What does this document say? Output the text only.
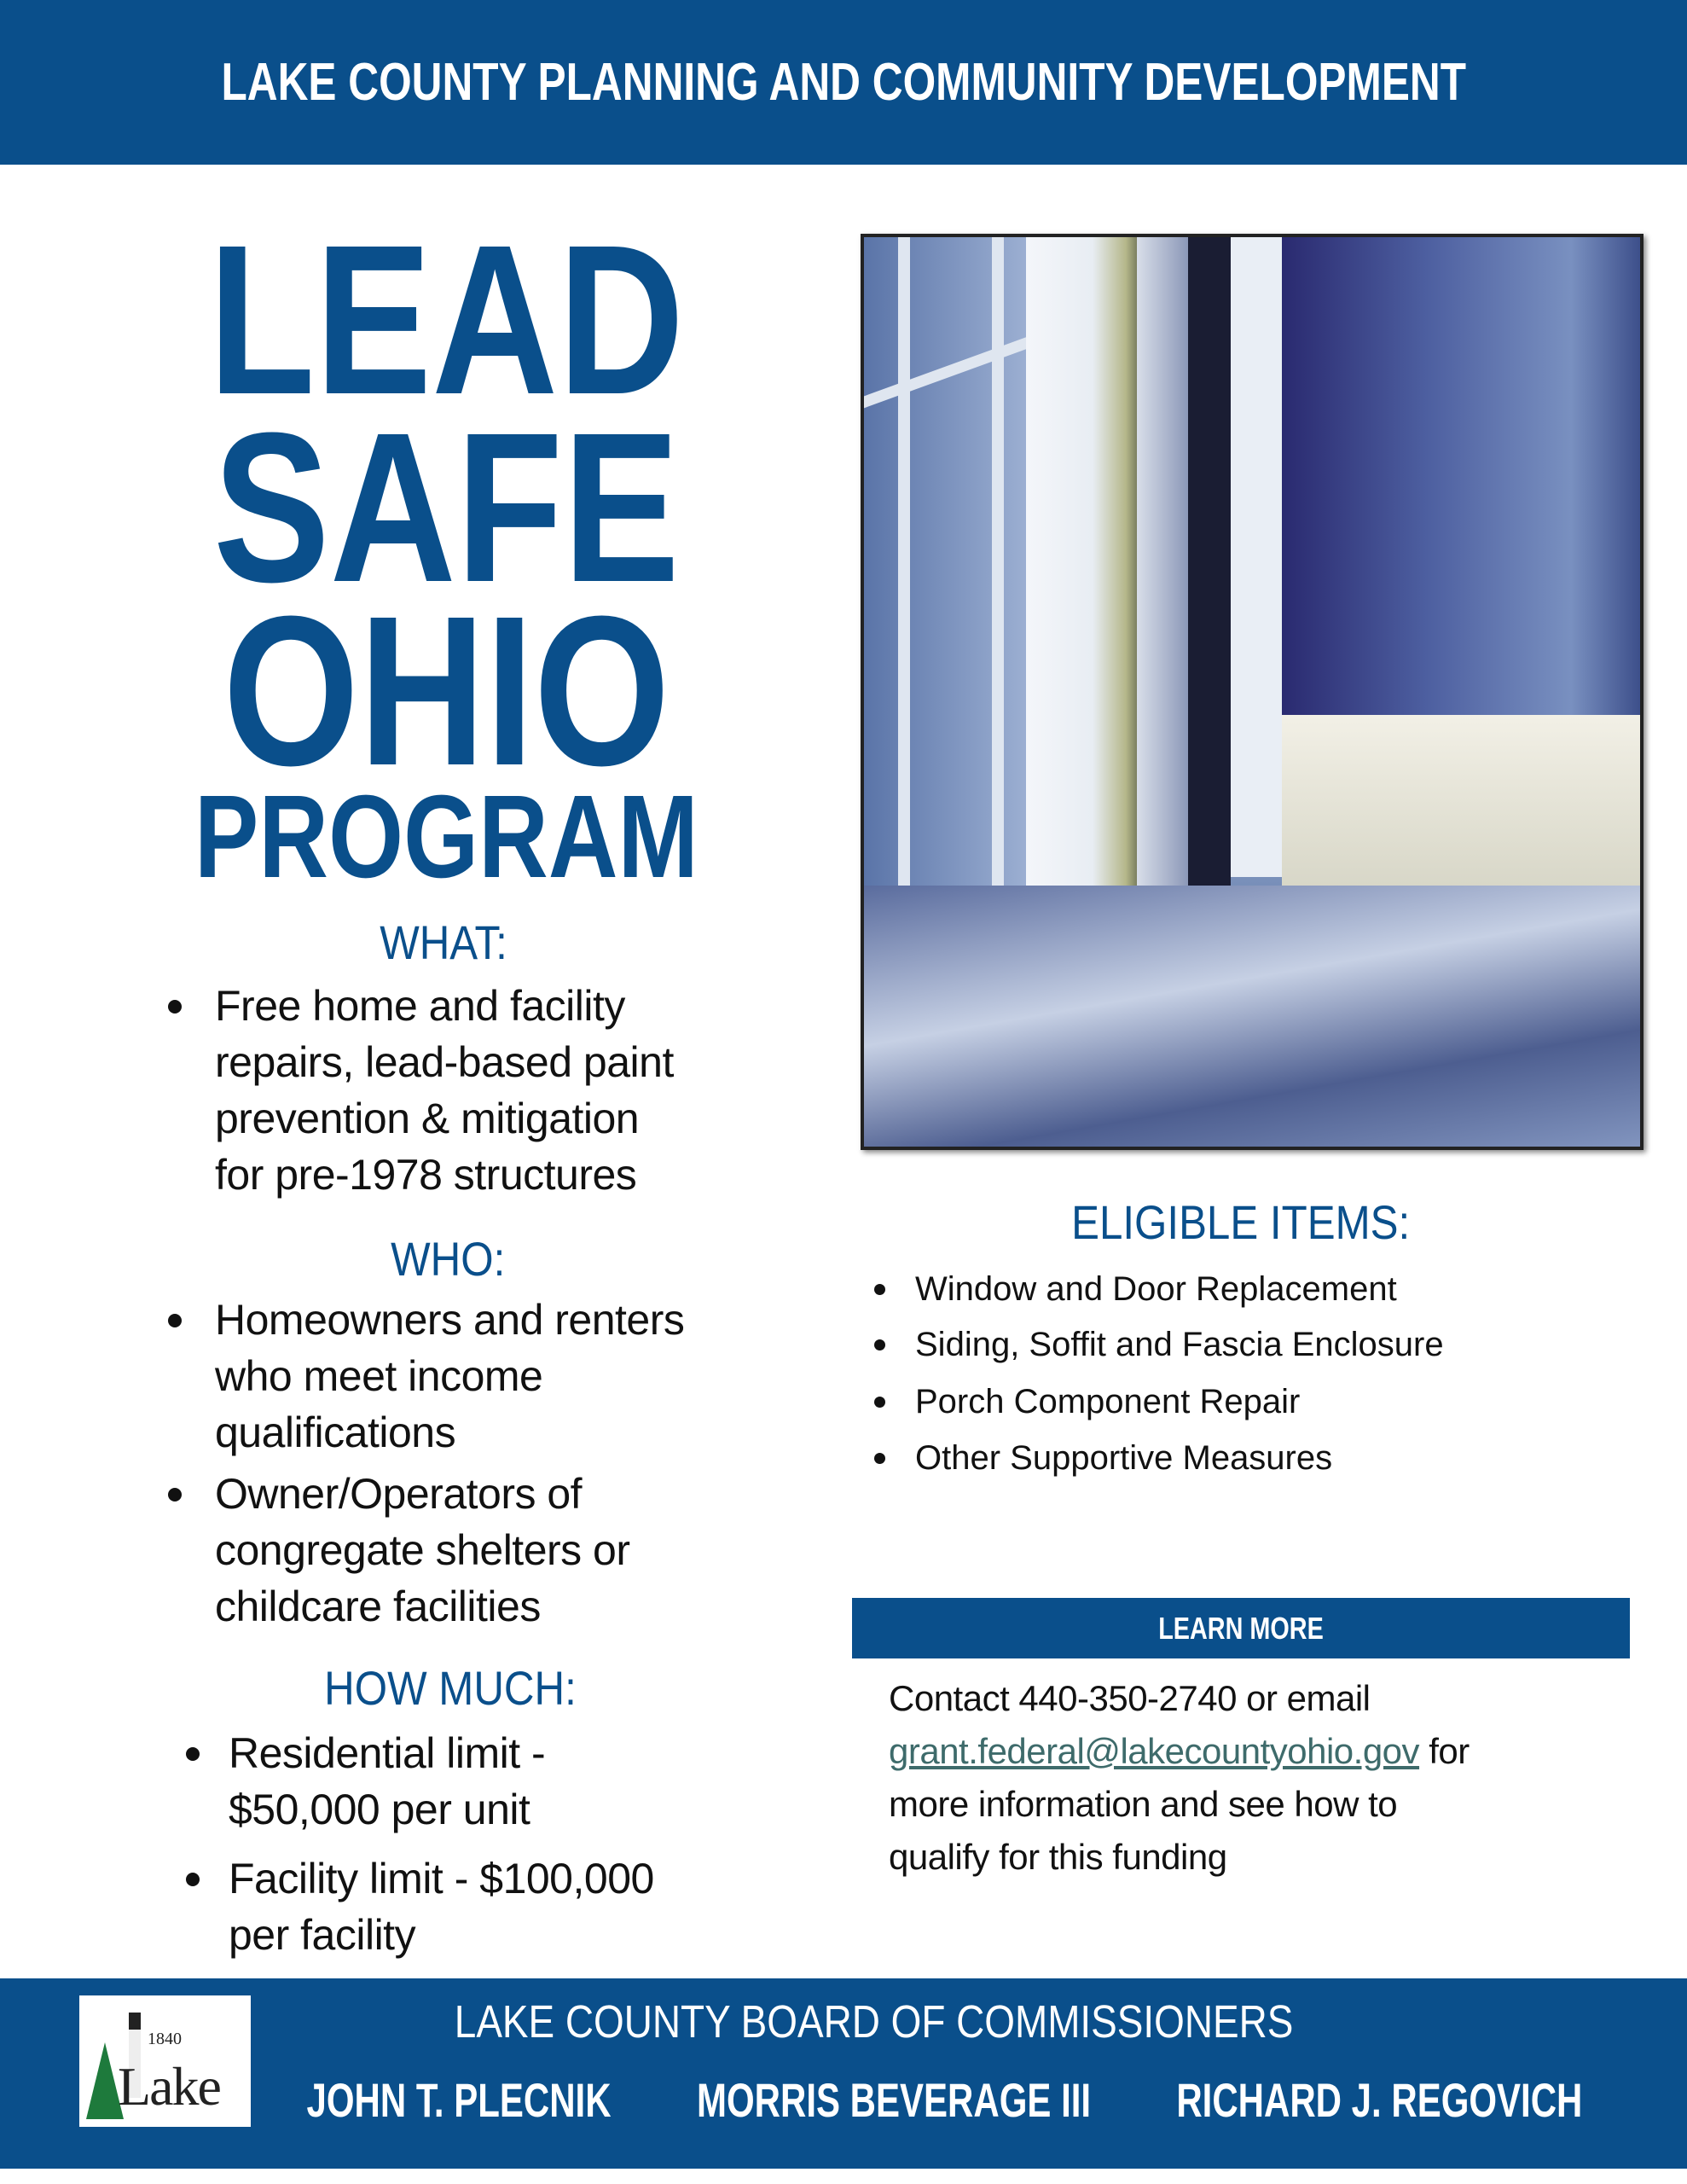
LAKE COUNTY PLANNING AND COMMUNITY DEVELOPMENT
LEAD
SAFE
OHIO
PROGRAM
WHAT:
Free home and facility
repairs, lead-based paint
prevention & mitigation
for pre-1978 structures
WHO:
Homeowners and renters
who meet income
qualifications
Owner/Operators of
congregate shelters or
childcare facilities
HOW MUCH:
Residential limit -
$50,000 per unit
Facility limit - $100,000
per facility
ELIGIBLE ITEMS:
Window and Door Replacement
Siding, Soffit and Fascia Enclosure
Porch Component Repair
Other Supportive Measures
LEARN MORE
Contact 440-350-2740 or email
grant.federal@lakecountyohio.gov for
more information and see how to
qualify for this funding
1840
Lake
LAKE COUNTY BOARD OF COMMISSIONERS
JOHN T. PLECNIK	MORRIS BEVERAGE III	RICHARD J. REGOVICH
